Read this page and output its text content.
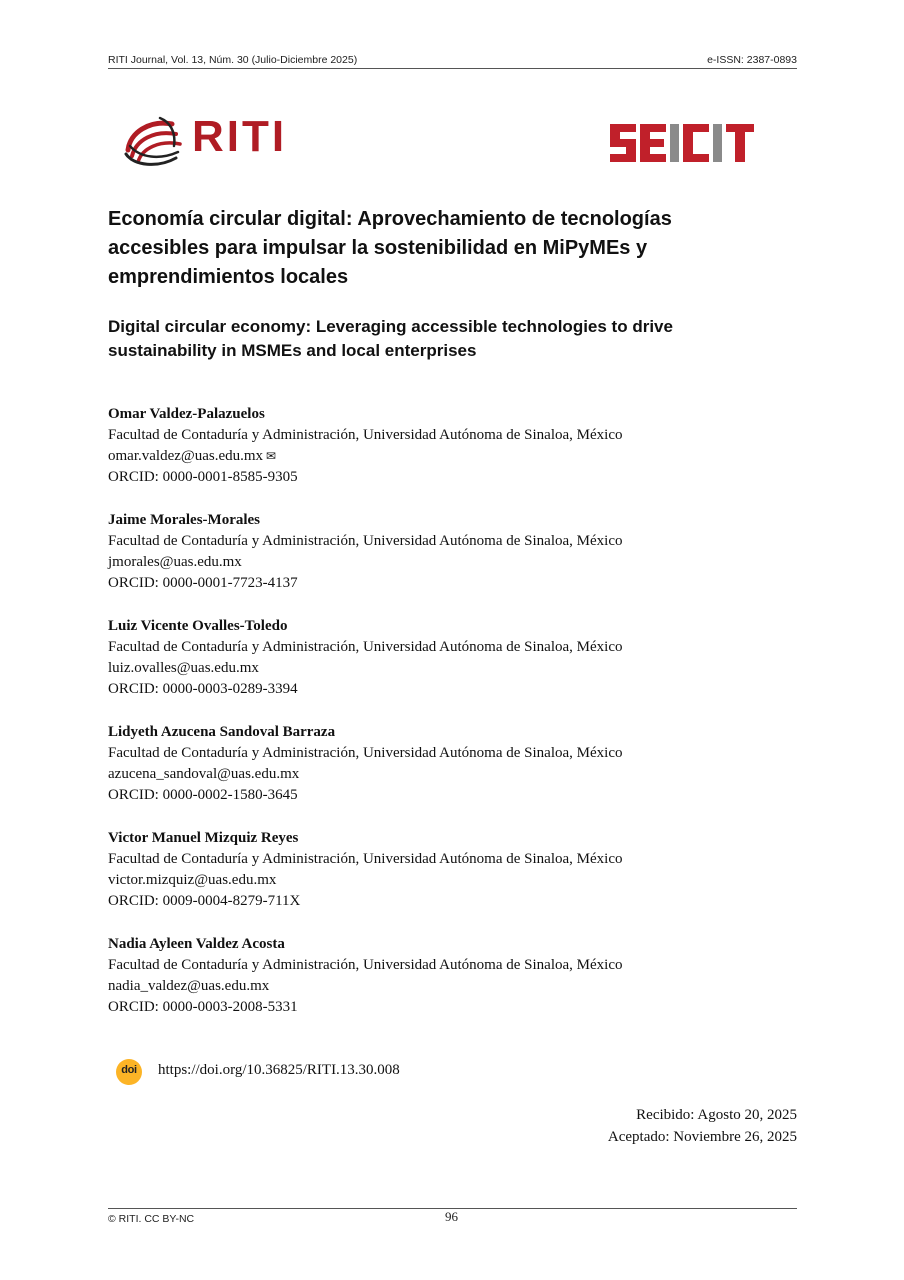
RITI Journal, Vol. 13, Núm. 30 (Julio-Diciembre 2025)	e-ISSN: 2387-0893
RITI
Economía circular digital: Aprovechamiento de tecnologías accesibles para impulsar la sostenibilidad en MiPyMEs y emprendimientos locales
Digital circular economy: Leveraging accessible technologies to drive sustainability in MSMEs and local enterprises
Omar Valdez-Palazuelos
Facultad de Contaduría y Administración, Universidad Autónoma de Sinaloa, México
omar.valdez@uas.edu.mx ✉
ORCID: 0000-0001-8585-9305
Jaime Morales-Morales
Facultad de Contaduría y Administración, Universidad Autónoma de Sinaloa, México
jmorales@uas.edu.mx
ORCID: 0000-0001-7723-4137
Luiz Vicente Ovalles-Toledo
Facultad de Contaduría y Administración, Universidad Autónoma de Sinaloa, México
luiz.ovalles@uas.edu.mx
ORCID: 0000-0003-0289-3394
Lidyeth Azucena Sandoval Barraza
Facultad de Contaduría y Administración, Universidad Autónoma de Sinaloa, México
azucena_sandoval@uas.edu.mx
ORCID: 0000-0002-1580-3645
Victor Manuel Mizquiz Reyes
Facultad de Contaduría y Administración, Universidad Autónoma de Sinaloa, México
victor.mizquiz@uas.edu.mx
ORCID: 0009-0004-8279-711X
Nadia Ayleen Valdez Acosta
Facultad de Contaduría y Administración, Universidad Autónoma de Sinaloa, México
nadia_valdez@uas.edu.mx
ORCID: 0000-0003-2008-5331
doi	https://doi.org/10.36825/RITI.13.30.008
Recibido: Agosto 20, 2025
Aceptado: Noviembre 26, 2025
© RITI. CC BY-NC	96
